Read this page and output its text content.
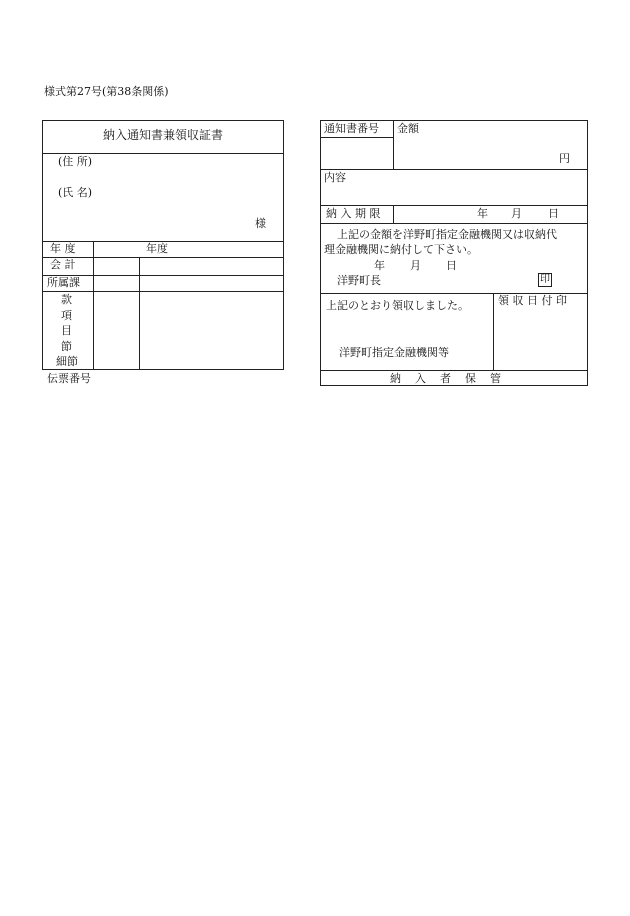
様式第27号(第38条関係)
納入通知書兼領収証書
(住 所)
(氏 名)
様
年 度	年度
会 計
所属課
款
項
目
節
細節
伝票番号
通知書番号 金額
円
内容
納 入 期 限	年 月 日
上記の金額を洋野町指定金融機関又は収納代
理金融機関に納付して下さい。
年 月 日
洋野町長	印
上記のとおり領収しました。	領 収 日 付 印
洋野町指定金融機関等
納    入    者    保    管
